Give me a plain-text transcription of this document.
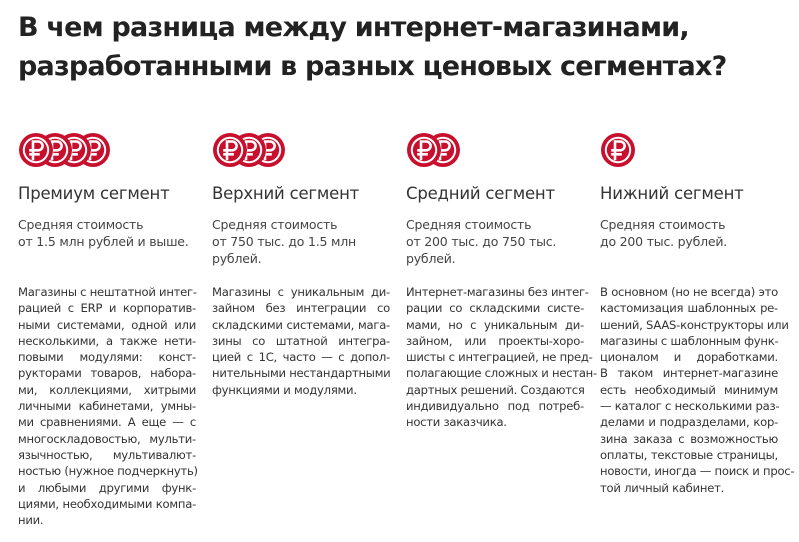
В чем разница между интернет-магазинами,
разработанными в разных ценовых сегментах?
Премиум сегмент
Средняя стоимость
от 1.5 млн рублей и выше.
Магазины с нештатной интег-
рацией с ERP и корпоратив-
ными системами, одной или
несколькими, а также нети-
повыми модулями: конст-
рукторами товаров, наборa-
ми, коллекциями, хитрыми
личными кабинетами, умны-
ми сравнениями. А еще — с
многоскладовостью, мульти-
язычностью, мультивалют-
ностью (нужное подчеркнуть)
и любыми другими функ-
циями, необходимыми компа-
нии.
Верхний сегмент
Средняя стоимость
от 750 тыс. до 1.5 млн
рублей.
Магазины с уникальным ди-
зайном без интеграции со
складскими системами, мага-
зины со штатной интегра-
цией с 1С, часто — с допол-
нительными нестандартными
функциями и модулями.
Средний сегмент
Средняя стоимость
от 200 тыс. до 750 тыс.
рублей.
Интернет-магазины без интег-
рации со складскими систе-
мами, но с уникальным ди-
зайном, или проекты-хоро-
шисты с интеграцией, не пред-
полагающие сложных и нестан-
дартных решений. Создаются
индивидуально под потреб-
ности заказчика.
Нижний сегмент
Средняя стоимость
до 200 тыс. рублей.
В основном (но не всегда) это
кастомизация шаблонных ре-
шений, SAAS-конструкторы или
магазины с шаблонным функ-
ционалом и доработками.
В таком интернет-магазине
есть необходимый минимум
— каталог с несколькими раз-
делами и подразделами, кор-
зина заказа с возможностью
оплаты, текстовые страницы,
новости, иногда — поиск и прос-
той личный кабинет.
